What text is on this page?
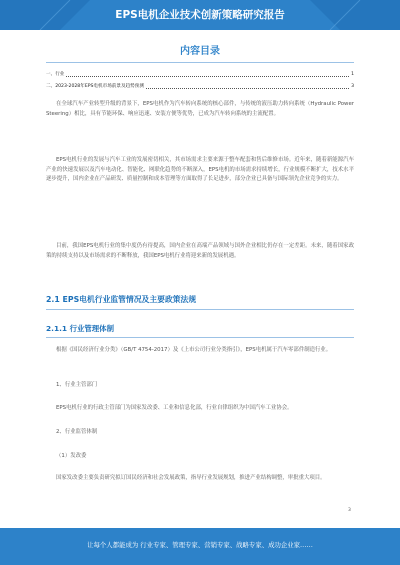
EPS电机企业技术创新策略研究报告
内容目录
一、行业	1
二、2023-2028年EPS电机市场前景及趋势预测	3

在全球汽车产业转型升级的背景下，EPS电机作为汽车转向系统的核心部件，与传统的液压助力转向系统（Hydraulic Power Steering）相比，具有节能环保、响应迅速、安装方便等优势，已成为汽车转向系统的主流配置。

EPS电机行业的发展与汽车工业的发展密切相关，其市场需求主要来源于整车配套和售后维修市场。近年来，随着新能源汽车产业的快速发展以及汽车电动化、智能化、网联化趋势的不断深入，EPS电机的市场需求持续增长，行业规模不断扩大，技术水平逐步提升，国内企业在产品研发、质量控制和成本管理等方面取得了长足进步，部分企业已具备与国际领先企业竞争的实力。

目前，我国EPS电机行业的集中度仍有待提高，国内企业在高端产品领域与国外企业相比仍存在一定差距。未来，随着国家政策的持续支持以及市场需求的不断释放，我国EPS电机行业将迎来新的发展机遇。

2.1 EPS电机行业监管情况及主要政策法规
2.1.1 行业管理体制

根据《国民经济行业分类》（GB/T 4754-2017）及《上市公司行业分类指引》，EPS电机属于汽车零部件制造行业。

1、行业主管部门

EPS电机行业的行政主管部门为国家发改委、工业和信息化部，行业自律组织为中国汽车工业协会。

2、行业监管体制

（1）发改委

国家发改委主要负责研究拟订国民经济和社会发展政策，指导行业发展规划，推进产业结构调整，审批重大项目。

3
让每个人都能成为 行业专家、管理专家、营销专家、战略专家、成功企业家……
